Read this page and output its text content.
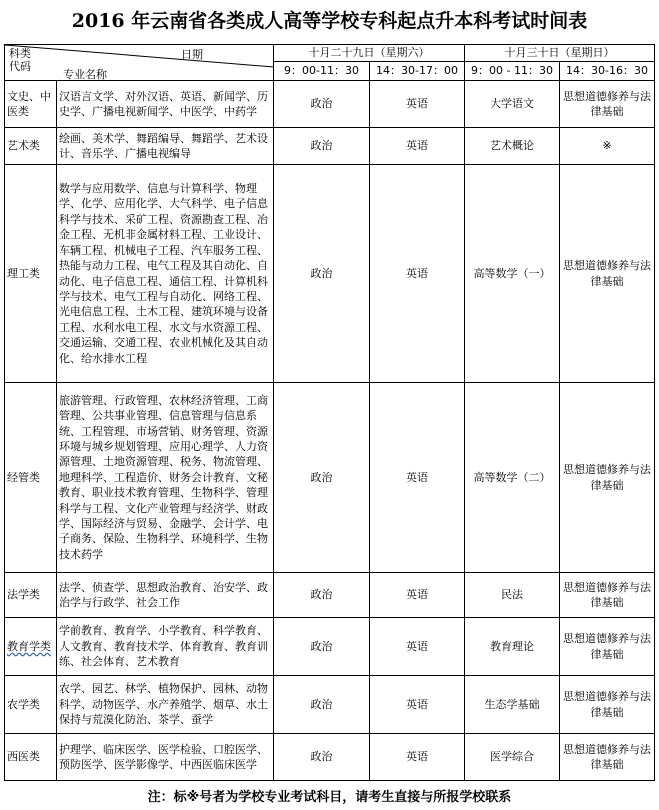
2016 年云南省各类成人高等学校专科起点升本科考试时间表
日期
科类
代码
专业名称		十月二十九日（星期六）		十月三十日（星期日）	
		9：00-11：30	14：30-17：00	9：00 - 11：30	14：30-16：30
文史、中医类	汉语言文学、对外汉语、英语、新闻学、历史学、广播电视新闻学、中医学、中药学	政治	英语	大学语文	思想道德修养与法律基础
艺术类	绘画、美术学、舞蹈编导、舞蹈学、艺术设计、音乐学、广播电视编导	政治	英语	艺术概论	※
理工类	数学与应用数学、信息与计算科学、物理学、化学、应用化学、大气科学、电子信息科学与技术、采矿工程、资源勘查工程、冶金工程、无机非金属材料工程、工业设计、车辆工程、机械电子工程、汽车服务工程、热能与动力工程、电气工程及其自动化、自动化、电子信息工程、通信工程、计算机科学与技术、电气工程与自动化、网络工程、光电信息工程、土木工程、建筑环境与设备工程、水利水电工程、水文与水资源工程、交通运输、交通工程、农业机械化及其自动化、给水排水工程	政治	英语	高等数学（一）	思想道德修养与法律基础
经管类	旅游管理、行政管理、农林经济管理、工商管理、公共事业管理、信息管理与信息系统、工程管理、市场营销、财务管理、资源环境与城乡规划管理、应用心理学、人力资源管理、土地资源管理、税务、物流管理、地理科学、工程造价、财务会计教育、文秘教育、职业技术教育管理、生物科学、管理科学与工程、文化产业管理与经济学、财政学、国际经济与贸易、金融学、会计学、电子商务、保险、生物科学、环境科学、生物技术药学	政治	英语	高等数学（二）	思想道德修养与法律基础
法学类	法学、侦查学、思想政治教育、治安学、政治学与行政学、社会工作	政治	英语	民法	思想道德修养与法律基础
教育学类	学前教育、教育学、小学教育、科学教育、人文教育、教育技术学、体育教育、教育训练、社会体育、艺术教育	政治	英语	教育理论	思想道德修养与法律基础
农学类	农学、园艺、林学、植物保护、园林、动物科学、动物医学、水产养殖学、烟草、水土保持与荒漠化防治、茶学、蚕学	政治	英语	生态学基础	思想道德修养与法律基础
西医类	护理学、临床医学、医学检验、口腔医学、预防医学、医学影像学、中西医临床医学	政治	英语	医学综合	思想道德修养与法律基础
注：标※号者为学校专业考试科目，请考生直接与所报学校联系
